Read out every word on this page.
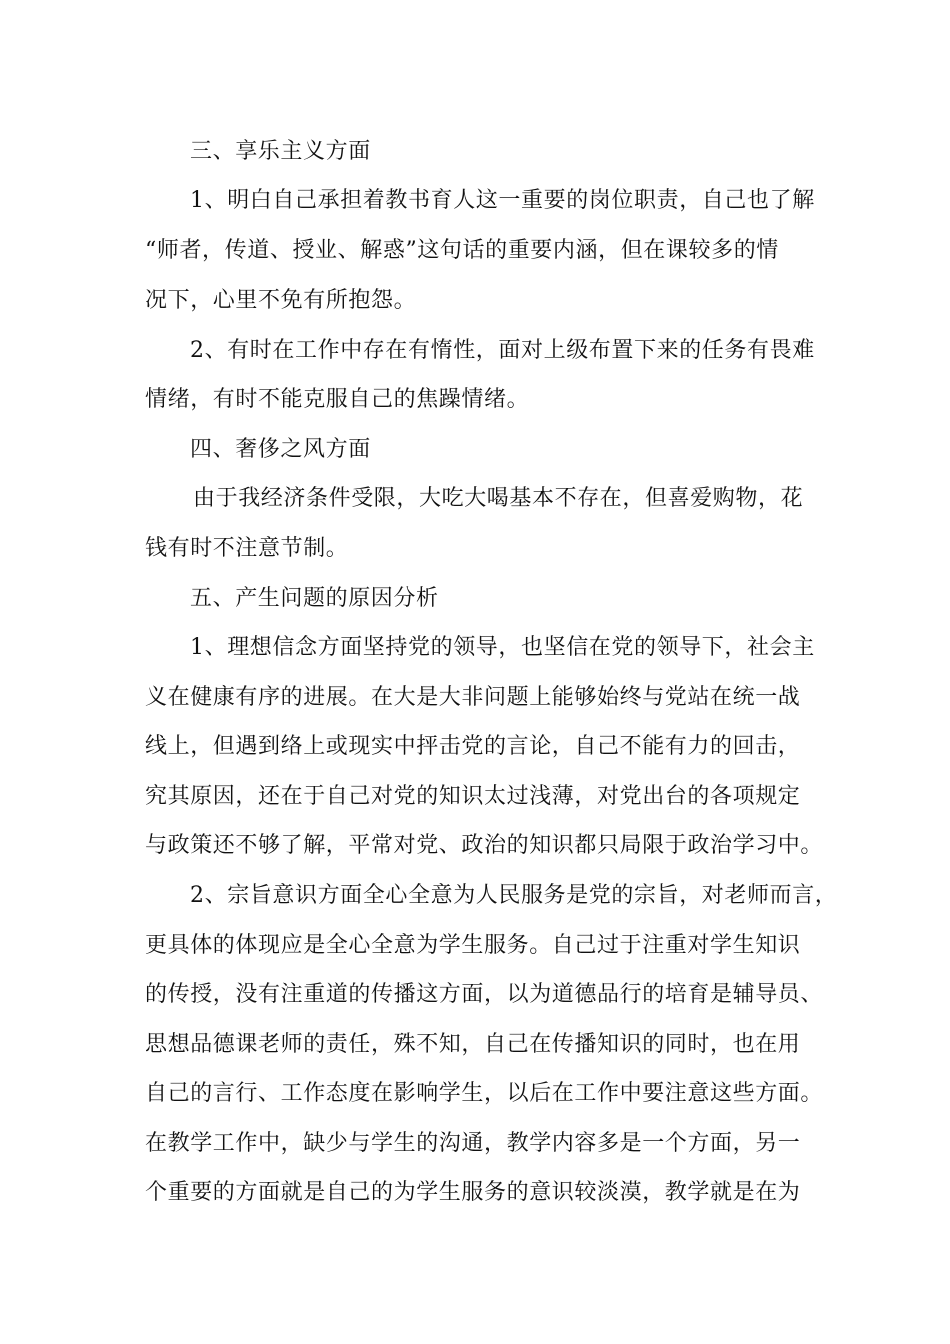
三、享乐主义方面
1、明白自己承担着教书育人这一重要的岗位职责，自己也了解
“师者，传道、授业、解惑”这句话的重要内涵，但在课较多的情
况下，心里不免有所抱怨。
2、有时在工作中存在有惰性，面对上级布置下来的任务有畏难
情绪，有时不能克服自己的焦躁情绪。
四、奢侈之风方面
由于我经济条件受限，大吃大喝基本不存在，但喜爱购物，花
钱有时不注意节制。
五、产生问题的原因分析
1、理想信念方面坚持党的领导，也坚信在党的领导下，社会主
义在健康有序的进展。在大是大非问题上能够始终与党站在统一战
线上，但遇到络上或现实中抨击党的言论，自己不能有力的回击，
究其原因，还在于自己对党的知识太过浅薄，对党出台的各项规定
与政策还不够了解，平常对党、政治的知识都只局限于政治学习中。
2、宗旨意识方面全心全意为人民服务是党的宗旨，对老师而言，
更具体的体现应是全心全意为学生服务。自己过于注重对学生知识
的传授，没有注重道的传播这方面，以为道德品行的培育是辅导员、
思想品德课老师的责任，殊不知，自己在传播知识的同时，也在用
自己的言行、工作态度在影响学生，以后在工作中要注意这些方面。
在教学工作中，缺少与学生的沟通，教学内容多是一个方面，另一
个重要的方面就是自己的为学生服务的意识较淡漠，教学就是在为
